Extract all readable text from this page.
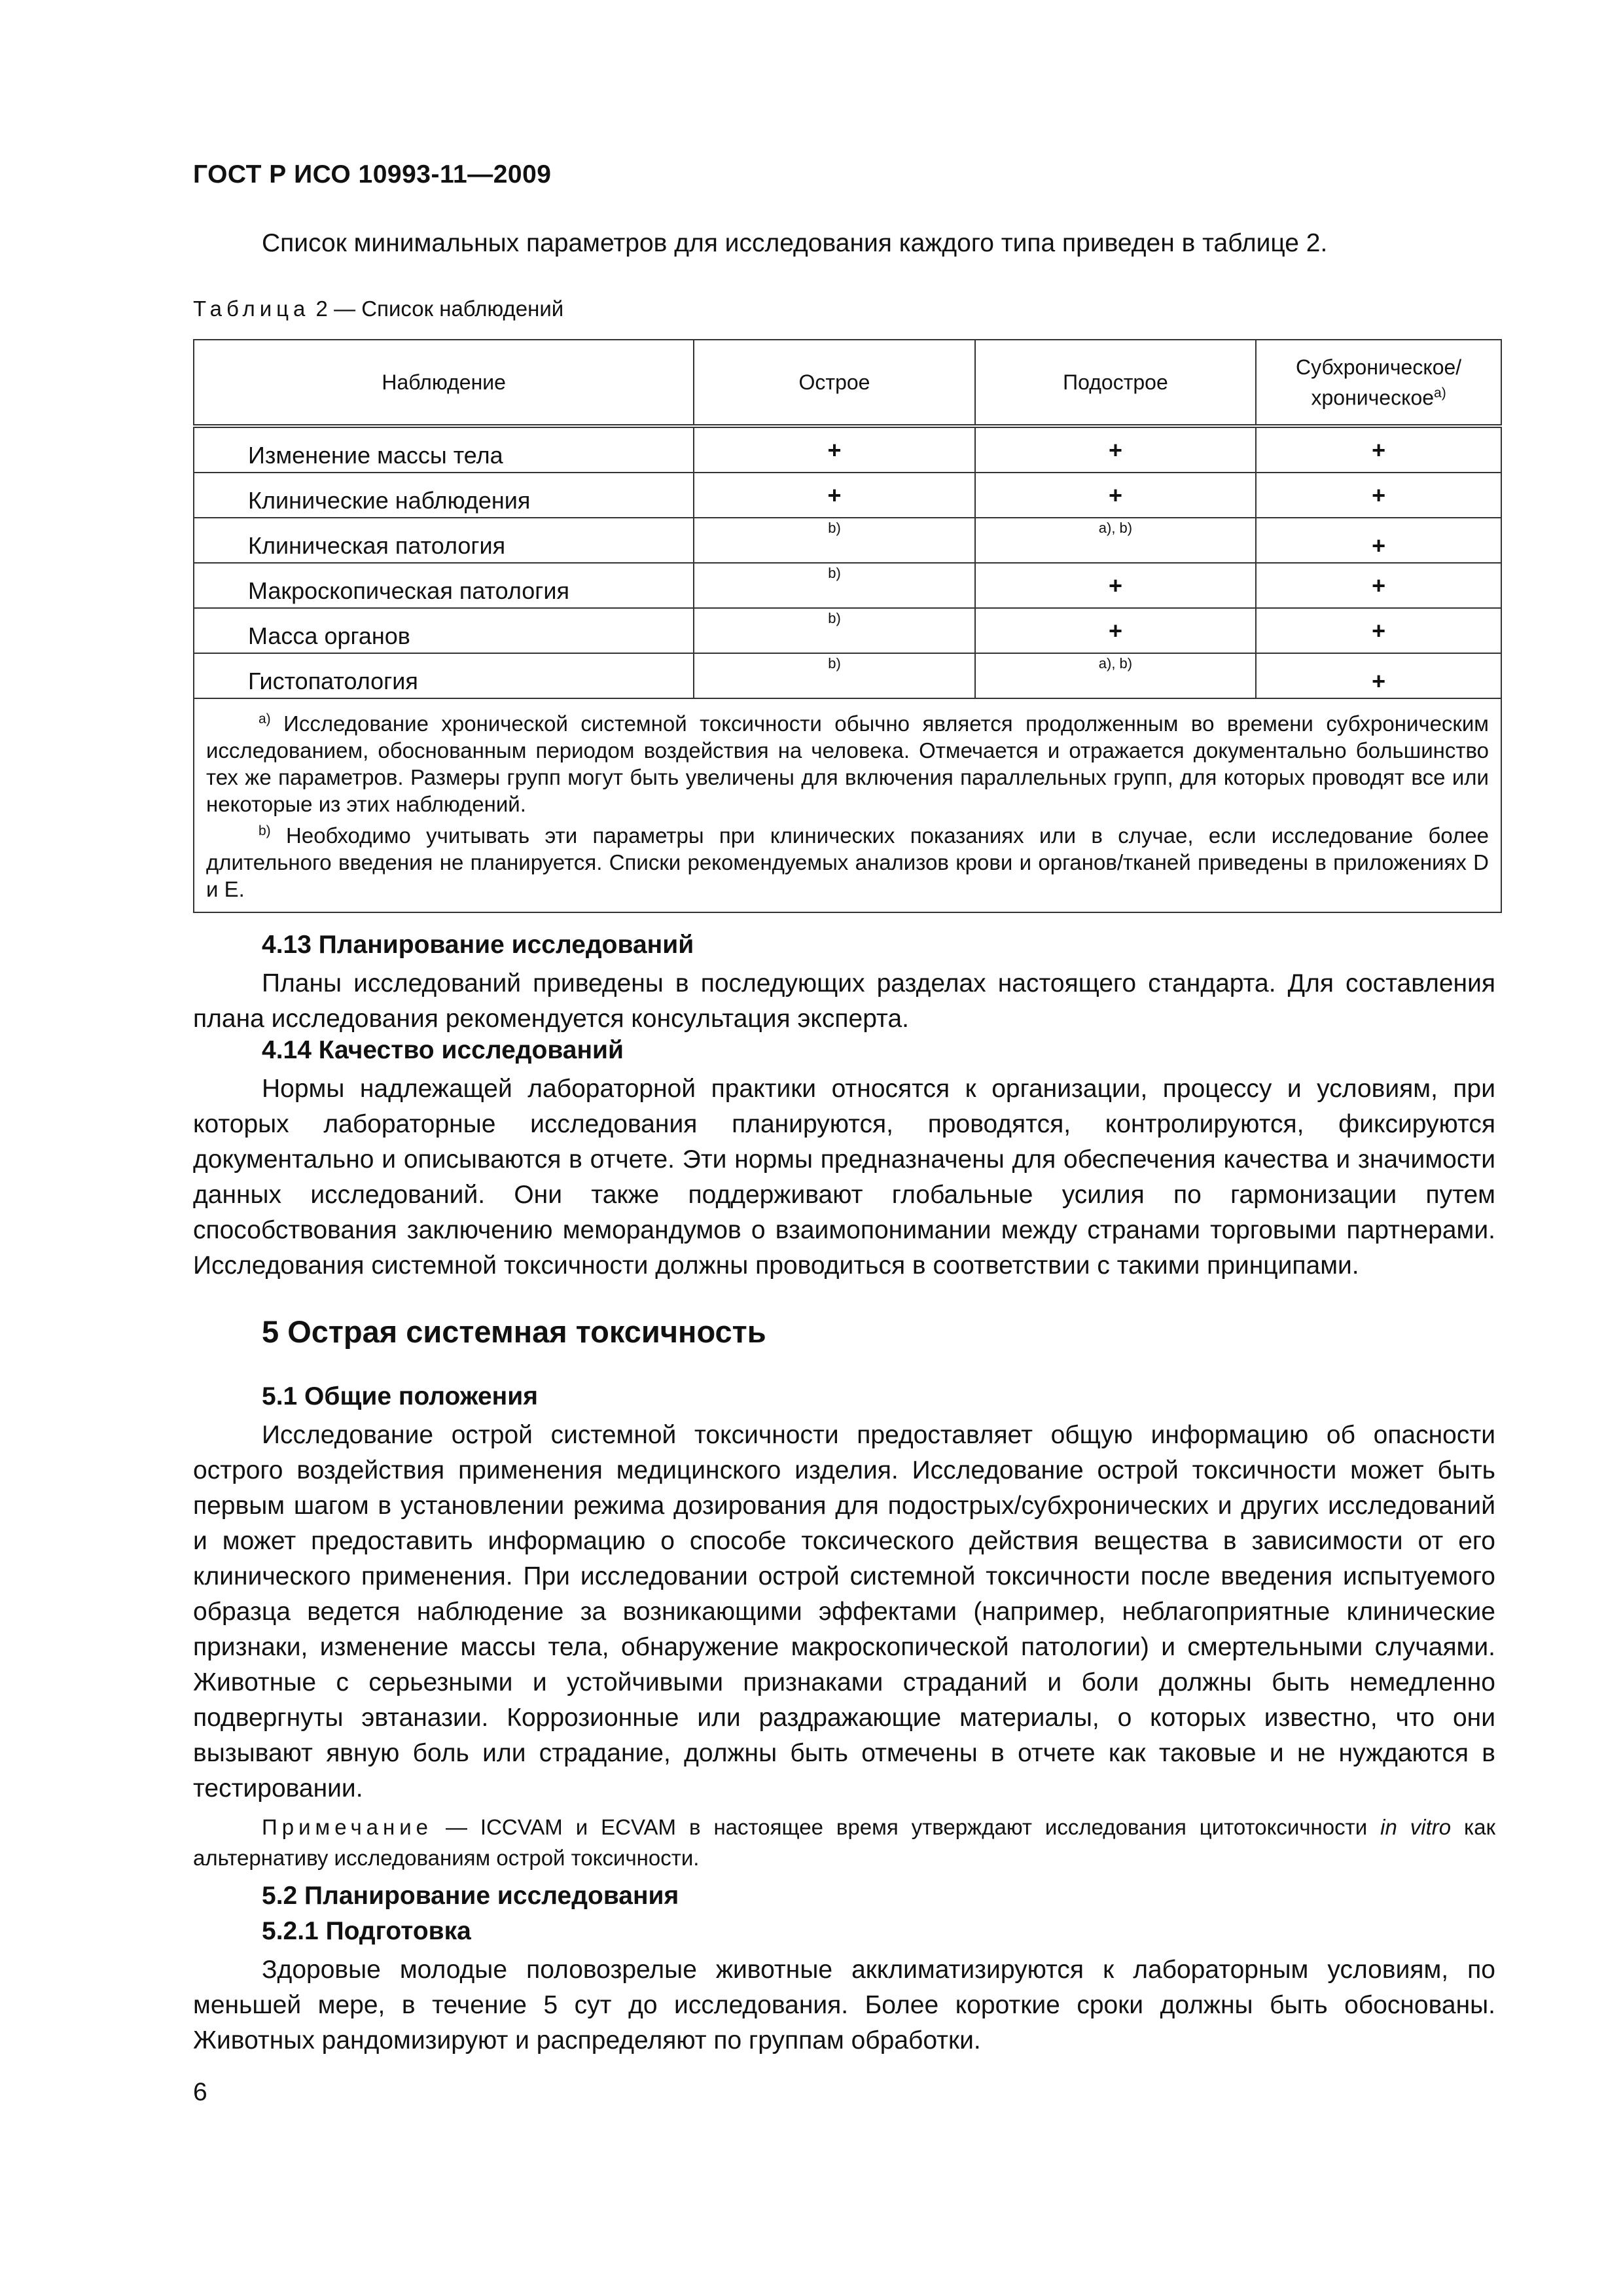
ГОСТ Р ИСО 10993-11—2009
Список минимальных параметров для исследования каждого типа приведен в таблице 2.
Таблица 2 — Список наблюдений
Наблюдение	Острое	Подострое	Субхроническое/
хроническое$^{a)}$
Изменение массы тела	+	+	+
Клинические наблюдения	+	+	+
Клиническая патология	b)	a), b)	+
Макроскопическая патология	b)	+	+
Масса органов	b)	+	+
Гистопатология	b)	a), b)	+

$^{a)}$ Исследование хронической системной токсичности обычно является продолженным во времени субхроническим исследованием, обоснованным периодом воздействия на человека. Отмечается и отражается документально большинство тех же параметров. Размеры групп могут быть увеличены для включения параллельных групп, для которых проводят все или некоторые из этих наблюдений.
$^{b)}$ Необходимо учитывать эти параметры при клинических показаниях или в случае, если исследование более длительного введения не планируется. Списки рекомендуемых анализов крови и органов/тканей приведены в приложениях D и E.			
4.13 Планирование исследований
Планы исследований приведены в последующих разделах настоящего стандарта. Для составления плана исследования рекомендуется консультация эксперта.
4.14 Качество исследований
Нормы надлежащей лабораторной практики относятся к организации, процессу и условиям, при которых лабораторные исследования планируются, проводятся, контролируются, фиксируются документально и описываются в отчете. Эти нормы предназначены для обеспечения качества и значимости данных исследований. Они также поддерживают глобальные усилия по гармонизации путем способствования заключению меморандумов о взаимопонимании между странами торговыми партнерами. Исследования системной токсичности должны проводиться в соответствии с такими принципами.
5 Острая системная токсичность
5.1 Общие положения
Исследование острой системной токсичности предоставляет общую информацию об опасности острого воздействия применения медицинского изделия. Исследование острой токсичности может быть первым шагом в установлении режима дозирования для подострых/субхронических и других исследований и может предоставить информацию о способе токсического действия вещества в зависимости от его клинического применения. При исследовании острой системной токсичности после введения испытуемого образца ведется наблюдение за возникающими эффектами (например, неблагоприятные клинические признаки, изменение массы тела, обнаружение макроскопической патологии) и смертельными случаями. Животные с серьезными и устойчивыми признаками страданий и боли должны быть немедленно подвергнуты эвтаназии. Коррозионные или раздражающие материалы, о которых известно, что они вызывают явную боль или страдание, должны быть отмечены в отчете как таковые и не нуждаются в тестировании.
Примечание — ICCVAM и ECVAM в настоящее время утверждают исследования цитотоксичности in vitro как альтернативу исследованиям острой токсичности.
5.2 Планирование исследования
5.2.1 Подготовка
Здоровые молодые половозрелые животные акклиматизируются к лабораторным условиям, по меньшей мере, в течение 5 сут до исследования. Более короткие сроки должны быть обоснованы. Животных рандомизируют и распределяют по группам обработки.
6
